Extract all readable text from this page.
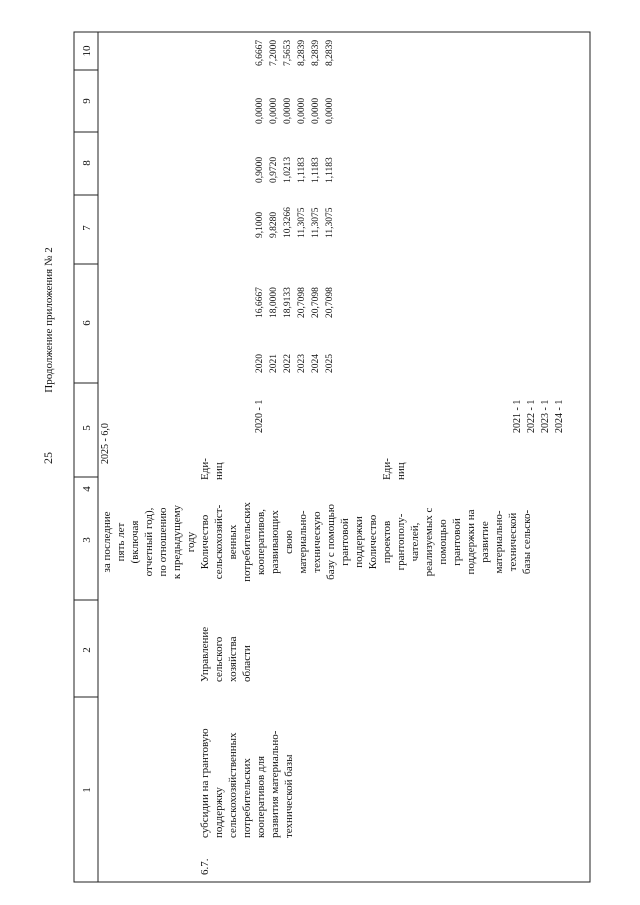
25
Продолжение приложения № 2
1
2
3
4
5
6
7
8
9
10
6.7.
субсидии на грантовую поддержку сельскохозяйственных потребительских кооперативов для развития материально- технической базы
Управление сельского хозяйства области
за последние пять лет (включая отчетный год), по отношению к предыдущему году Количество сельскохозяйст- венных потребительских кооперативов, развивающих свою материально- техническую базу с помощью грантовой поддержки Количество проектов грантополу- чателей, реализуемых с помощью грантовой поддержки на развитие материально- технической базы сельско-
Еди- ниц	Еди- ниц
2025 - 6,0
2020 - 1	2021 - 1 2022 - 1 2023 - 1 2024 - 1
2020 2021 2022 2023 2024 2025
16,6667 18,0000 18,9133 20,7098 20,7098 20,7098
9,1000 9,8280 10,3266 11,3075 11,3075 11,3075
0,9000 0,9720 1,0213 1,1183 1,1183 1,1183
0,0000 0,0000 0,0000 0,0000 0,0000 0,0000
6,6667 7,2000 7,5653 8,2839 8,2839 8,2839
